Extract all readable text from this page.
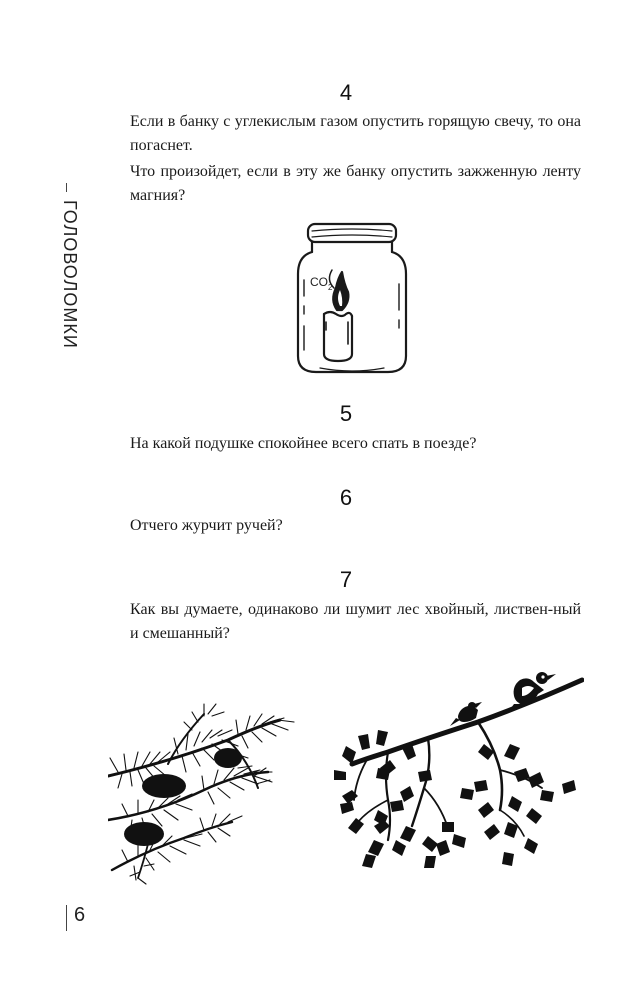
ГОЛОВОЛОМКИ
4

Если в банку с углекислым газом опустить горящую свечу, то она погаснет.

Что произойдет, если в эту же банку опустить зажженную ленту магния?

$CO_2$
5

На какой подушке спокойнее всего спать в поезде?

6

Отчего журчит ручей?

7

Как вы думаете, одинаково ли шумит лес хвойный, листвен-ный и смешанный?

6
